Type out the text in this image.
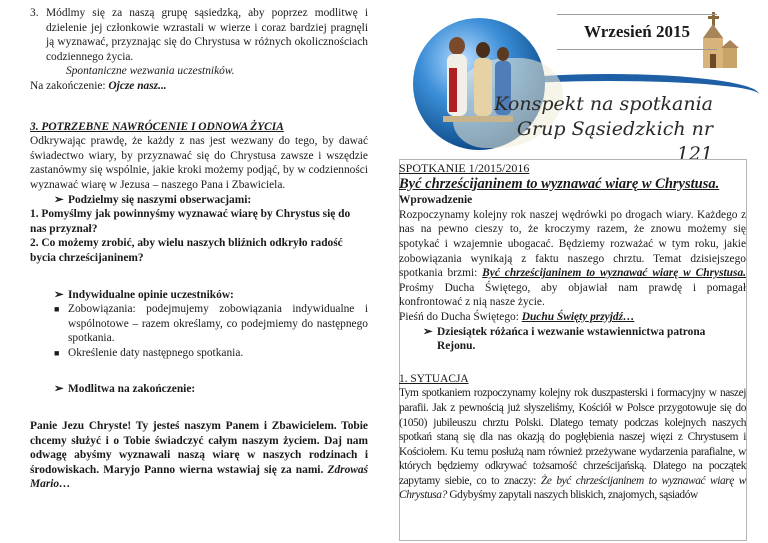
3. Módlmy się za naszą grupę sąsiedzką, aby poprzez modlitwę i dzielenie jej członkowie wzrastali w wierze i coraz bardziej pragnęli ją wyznawać, przyznając się do Chrystusa w różnych okolicznościach codziennego życia.
Spontaniczne wezwania uczestników.
Na zakończenie: Ojcze nasz...
3. POTRZEBNE NAWRÓCENIE I ODNOWA ŻYCIA
Odkrywając prawdę, że każdy z nas jest wezwany do tego, by dawać świadectwo wiary, by przyznawać się do Chrystusa zawsze i wszędzie zastanówmy się wspólnie, jakie kroki możemy podjąć, by w codzienności wyznawać wiarę w Jezusa – naszego Pana i Zbawiciela.
➢ Podzielmy się naszymi obserwacjami:
1. Pomyślmy jak powinnyśmy wyznawać wiarę by Chrystus się do nas przyznał?
2. Co możemy zrobić, aby wielu naszych bliźnich odkryło radość bycia chrześcijaninem?
➢ Indywidualne opinie uczestników:
■ Zobowiązania: podejmujemy zobowiązania indywidualne i wspólnotowe – razem określamy, co podejmiemy do następnego spotkania.
■ Określenie daty następnego spotkania.
➢ Modlitwa na zakończenie:
Panie Jezu Chryste! Ty jesteś naszym Panem i Zbawicielem. Tobie chcemy służyć i o Tobie świadczyć całym naszym życiem. Daj nam odwagę abyśmy wyznawali naszą wiarę w naszych rodzinach i środowiskach. Maryjo Panno wierna wstawiaj się za nami. Zdrowaś Mario…
Wrzesień 2015
Konspekt na spotkania
Grup Sąsiedzkich nr 121
SPOTKANIE 1/2015/2016
Być chrześcijaninem to wyznawać wiarę w Chrystusa.
Wprowadzenie
Rozpoczynamy kolejny rok naszej wędrówki po drogach wiary. Każdego z nas na pewno cieszy to, że kroczymy razem, że znowu możemy się spotykać i wzajemnie ubogacać. Będziemy rozważać w tym roku, jakie zobowiązania wynikają z faktu naszego chrztu. Temat dzisiejszego spotkania brzmi: Być chrześcijaninem to wyznawać wiarę w Chrystusa. Prośmy Ducha Świętego, aby objawiał nam prawdę i pomagał konfrontować z nią nasze życie.
Pieśń do Ducha Świętego: Duchu Święty przyjdź…
➢ Dziesiątek różańca i wezwanie wstawiennictwa patrona Rejonu.
1. SYTUACJA
Tym spotkaniem rozpoczynamy kolejny rok duszpasterski i formacyjny w naszej parafii. Jak z pewnością już słyszeliśmy, Kościół w Polsce przygotowuje się do (1050) jubileuszu chrztu Polski. Dlatego tematy podczas kolejnych naszych spotkań staną się dla nas okazją do pogłębienia naszej więzi z Chrystusem i Kościołem. Ku temu posłużą nam również przeżywane wydarzenia parafialne, w których będziemy odkrywać tożsamość chrześcijańską. Dlatego na początek zapytamy siebie, co to znaczy: Że być chrześcijaninem to wyznawać wiarę w Chrystusa? Gdybyśmy zapytali naszych bliskich, znajomych, sąsiadów
